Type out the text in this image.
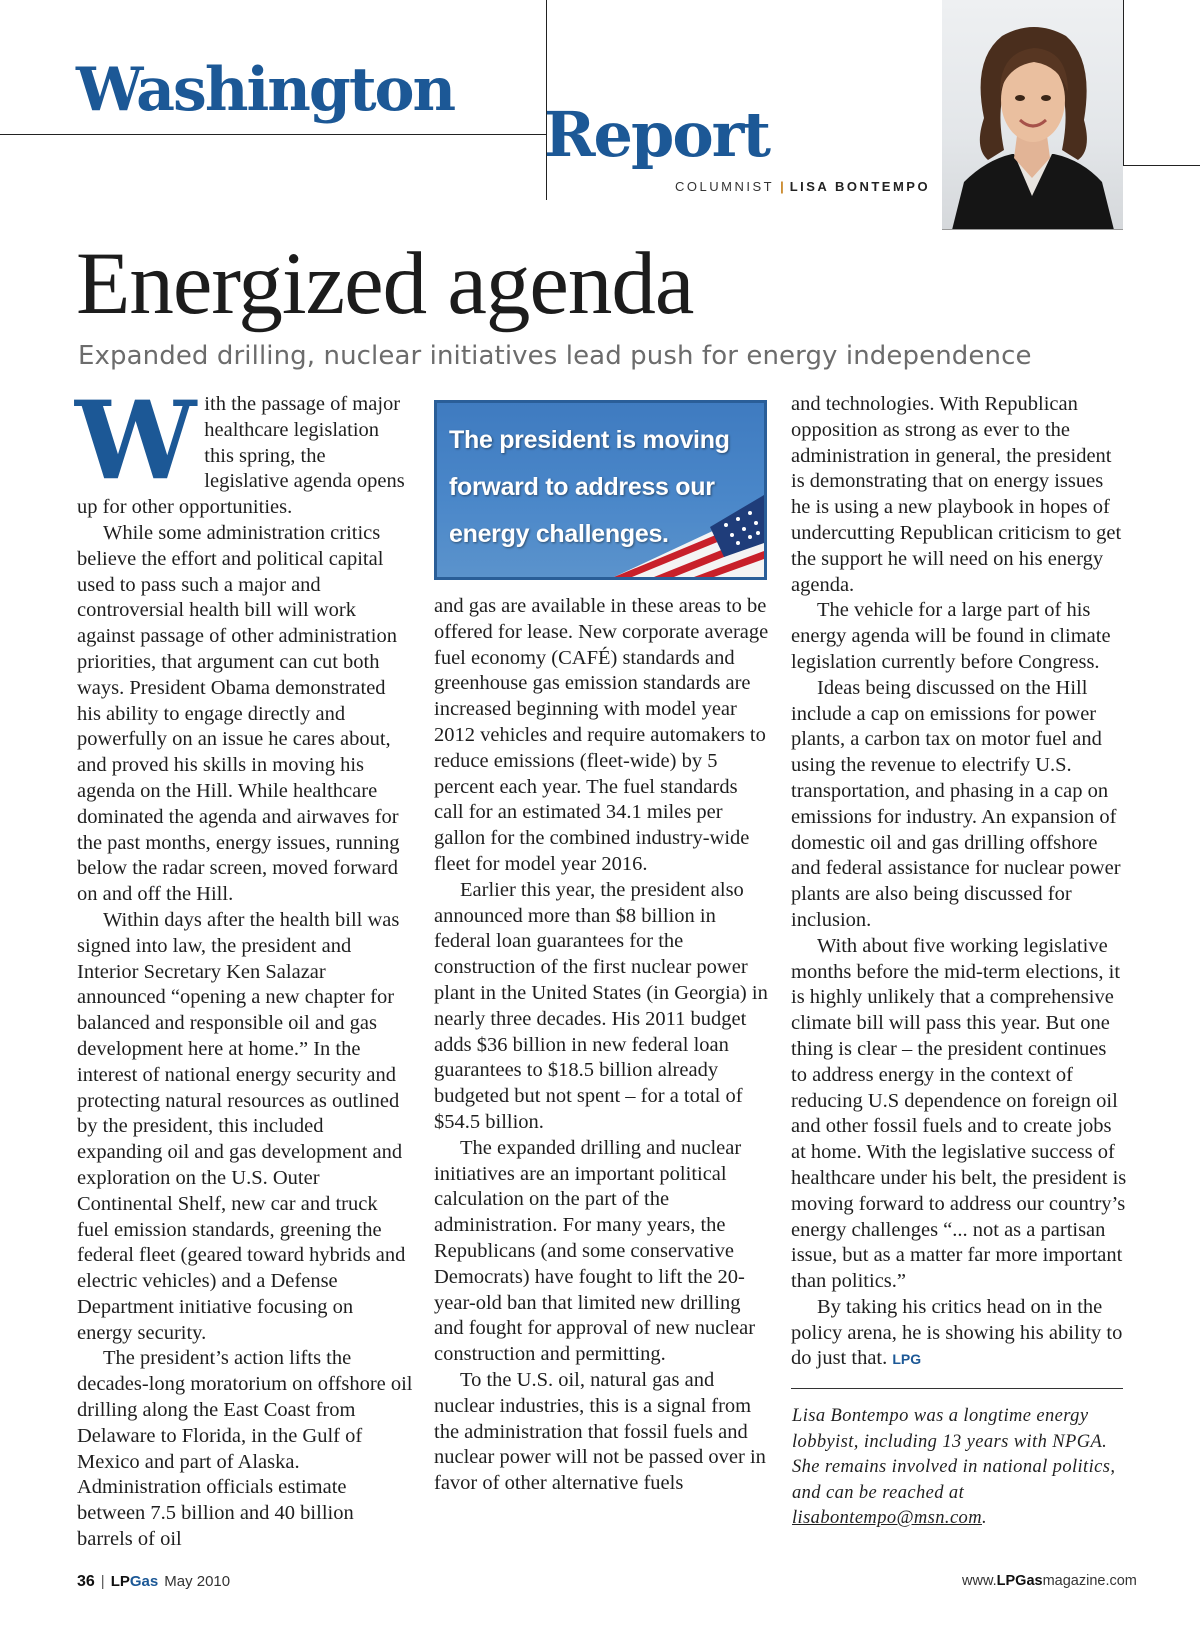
Washington
Report
COLUMNIST | LISA BONTEMPO
Energized agenda
Expanded drilling, nuclear initiatives lead push for energy independence

With the passage of major healthcare legislation this spring, the legislative agenda opens up for other opportunities.

While some administration critics believe the effort and political capital used to pass such a major and controversial health bill will work against passage of other administration priorities, that argument can cut both ways. President Obama demonstrated his ability to engage directly and powerfully on an issue he cares about, and proved his skills in moving his agenda on the Hill. While healthcare dominated the agenda and airwaves for the past months, energy issues, running below the radar screen, moved forward on and off the Hill.

Within days after the health bill was signed into law, the president and Interior Secretary Ken Salazar announced “opening a new chapter for balanced and responsible oil and gas development here at home.” In the interest of national energy security and protecting natural resources as outlined by the president, this included expanding oil and gas development and exploration on the U.S. Outer Continental Shelf, new car and truck fuel emission standards, greening the federal fleet (geared toward hybrids and electric vehicles) and a Defense Department initiative focusing on energy security.

The president’s action lifts the decades-long moratorium on offshore oil drilling along the East Coast from Delaware to Florida, in the Gulf of Mexico and part of Alaska. Administration officials estimate between 7.5 billion and 40 billion barrels of oil

The president is moving
forward to address our
energy challenges.

and gas are available in these areas to be offered for lease. New corporate average fuel economy (CAFÉ) standards and greenhouse gas emission standards are increased beginning with model year 2012 vehicles and require automakers to reduce emissions (fleet-wide) by 5 percent each year. The fuel standards call for an estimated 34.1 miles per gallon for the combined industry-wide fleet for model year 2016.

Earlier this year, the president also announced more than $8 billion in federal loan guarantees for the construction of the first nuclear power plant in the United States (in Georgia) in nearly three decades. His 2011 budget adds $36 billion in new federal loan guarantees to $18.5 billion already budgeted but not spent – for a total of $54.5 billion.

The expanded drilling and nuclear initiatives are an important political calculation on the part of the administration. For many years, the Republicans (and some conservative Democrats) have fought to lift the 20-year-old ban that limited new drilling and fought for approval of new nuclear construction and permitting.

To the U.S. oil, natural gas and nuclear industries, this is a signal from the administration that fossil fuels and nuclear power will not be passed over in favor of other alternative fuels

and technologies. With Republican opposition as strong as ever to the administration in general, the president is demonstrating that on energy issues he is using a new playbook in hopes of undercutting Republican criticism to get the support he will need on his energy agenda.

The vehicle for a large part of his energy agenda will be found in climate legislation currently before Congress.

Ideas being discussed on the Hill include a cap on emissions for power plants, a carbon tax on motor fuel and using the revenue to electrify U.S. transportation, and phasing in a cap on emissions for industry. An expansion of domestic oil and gas drilling offshore and federal assistance for nuclear power plants are also being discussed for inclusion.

With about five working legislative months before the mid-term elections, it is highly unlikely that a comprehensive climate bill will pass this year. But one thing is clear – the president continues to address energy in the context of reducing U.S dependence on foreign oil and other fossil fuels and to create jobs at home. With the legislative success of healthcare under his belt, the president is moving forward to address our country’s energy challenges “... not as a partisan issue, but as a matter far more important than politics.”

By taking his critics head on in the policy arena, he is showing his ability to do just that. LPG

Lisa Bontempo was a longtime energy lobbyist, including 13 years with NPGA. She remains involved in national politics, and can be reached at lisabontempo@msn.com.
36 | LPGas May 2010	www.LPGasmagazine.com
